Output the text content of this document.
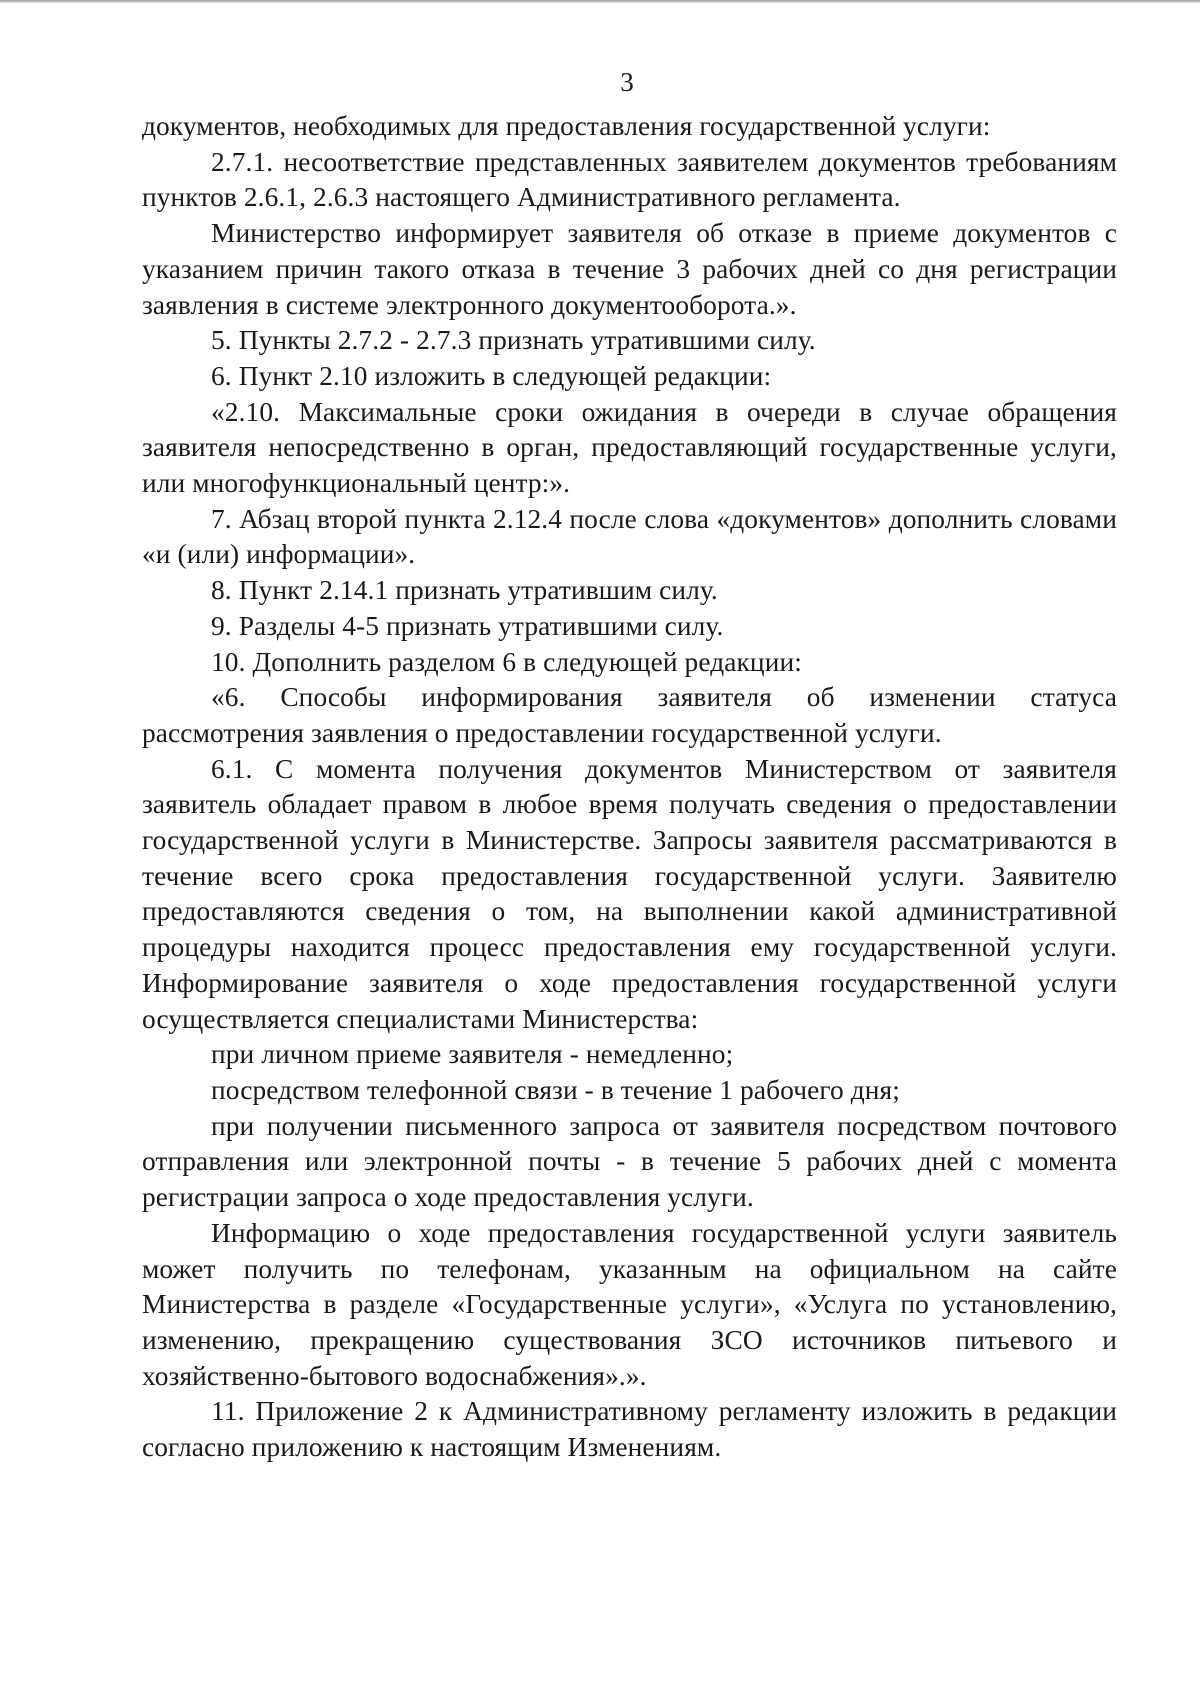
3

документов, необходимых для предоставления государственной услуги:

2.7.1. несоответствие представленных заявителем документов требованиям пунктов 2.6.1, 2.6.3 настоящего Административного регламента.

Министерство информирует заявителя об отказе в приеме документов с указанием причин такого отказа в течение 3 рабочих дней со дня регистрации заявления в системе электронного документооборота.».

5. Пункты 2.7.2 - 2.7.3 признать утратившими силу.

6. Пункт 2.10 изложить в следующей редакции:

«2.10. Максимальные сроки ожидания в очереди в случае обращения заявителя непосредственно в орган, предоставляющий государственные услуги, или многофункциональный центр:».

7. Абзац второй пункта 2.12.4 после слова «документов» дополнить словами «и (или) информации».

8. Пункт 2.14.1 признать утратившим силу.

9. Разделы 4-5 признать утратившими силу.

10. Дополнить разделом 6 в следующей редакции:

«6. Способы информирования заявителя об изменении статуса рассмотрения заявления о предоставлении государственной услуги.

6.1. С момента получения документов Министерством от заявителя заявитель обладает правом в любое время получать сведения о предоставлении государственной услуги в Министерстве. Запросы заявителя рассматриваются в течение всего срока предоставления государственной услуги. Заявителю предоставляются сведения о том, на выполнении какой административной процедуры находится процесс предоставления ему государственной услуги. Информирование заявителя о ходе предоставления государственной услуги осуществляется специалистами Министерства:

при личном приеме заявителя - немедленно;

посредством телефонной связи - в течение 1 рабочего дня;

при получении письменного запроса от заявителя посредством почтового отправления или электронной почты - в течение 5 рабочих дней с момента регистрации запроса о ходе предоставления услуги.

Информацию о ходе предоставления государственной услуги заявитель может получить по телефонам, указанным на официальном на сайте Министерства в разделе «Государственные услуги», «Услуга по установлению, изменению, прекращению существования ЗСО источников питьевого и хозяйственно-бытового водоснабжения».».

11. Приложение 2 к Административному регламенту изложить в редакции согласно приложению к настоящим Изменениям.
